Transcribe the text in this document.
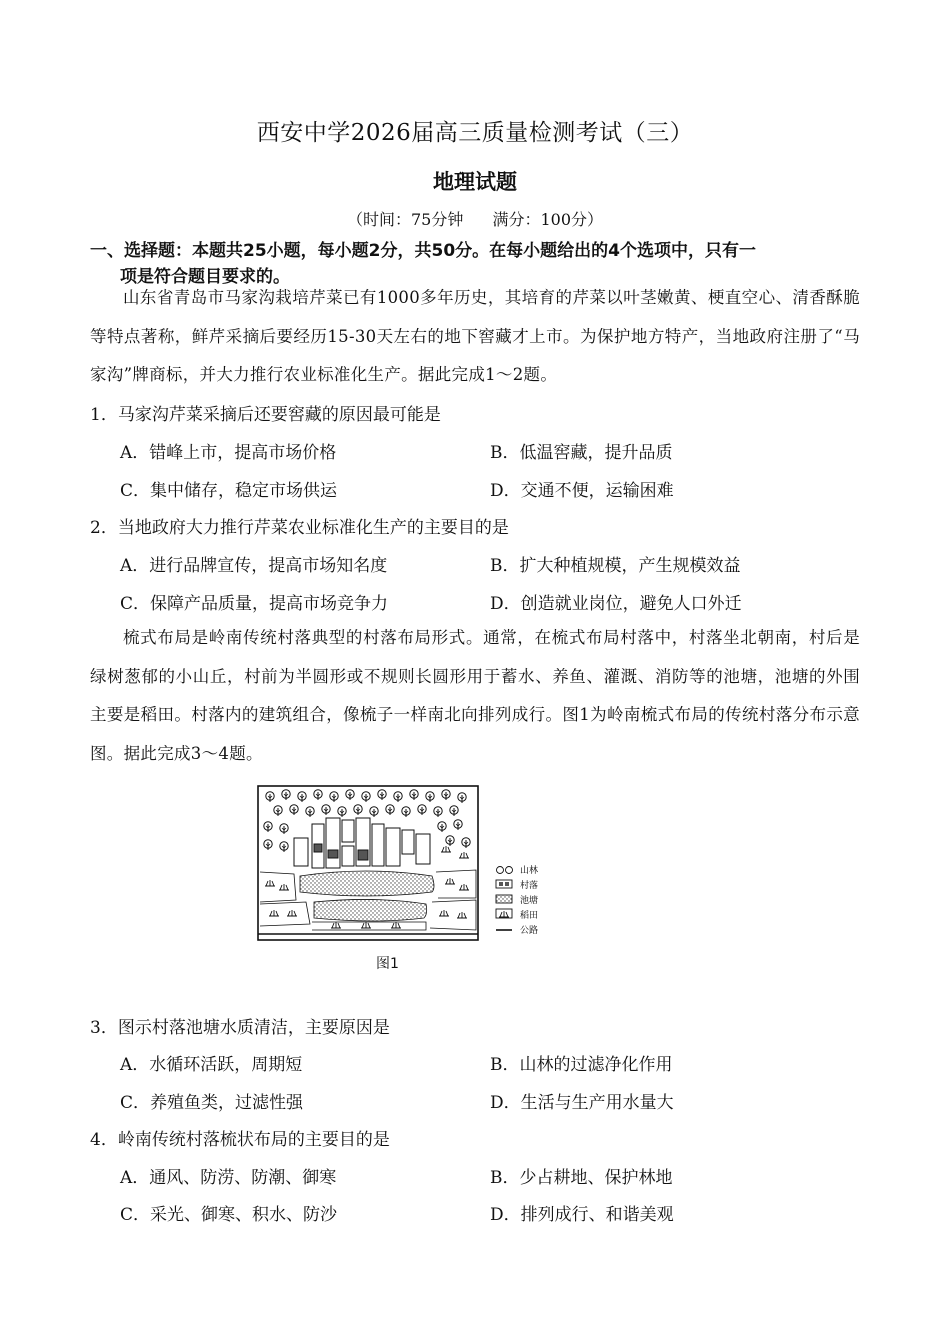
西安中学2026届高三质量检测考试（三）
地理试题
（时间：75分钟 满分：100分）
一、选择题：本题共25小题，每小题2分，共50分。在每小题给出的4个选项中，只有一
项是符合题目要求的。
山东省青岛市马家沟栽培芹菜已有1000多年历史，其培育的芹菜以叶茎嫩黄、梗直空心、清香酥脆等特点著称，鲜芹采摘后要经历15-30天左右的地下窖藏才上市。为保护地方特产，当地政府注册了“马家沟”牌商标，并大力推行农业标准化生产。据此完成1～2题。
1．马家沟芹菜采摘后还要窖藏的原因最可能是
A．错峰上市，提高市场价格	B．低温窖藏，提升品质
C．集中储存，稳定市场供运	D．交通不便，运输困难
2．当地政府大力推行芹菜农业标准化生产的主要目的是
A．进行品牌宣传，提高市场知名度	B．扩大种植规模，产生规模效益
C．保障产品质量，提高市场竞争力	D．创造就业岗位，避免人口外迁
梳式布局是岭南传统村落典型的村落布局形式。通常，在梳式布局村落中，村落坐北朝南，村后是绿树葱郁的小山丘，村前为半圆形或不规则长圆形用于蓄水、养鱼、灌溉、消防等的池塘，池塘的外围主要是稻田。村落内的建筑组合，像梳子一样南北向排列成行。图1为岭南梳式布局的传统村落分布示意图。据此完成3～4题。
山林
村落
池塘
稻田
公路
图1
3．图示村落池塘水质清洁，主要原因是
A．水循环活跃，周期短	B．山林的过滤净化作用
C．养殖鱼类，过滤性强	D．生活与生产用水量大
4．岭南传统村落梳状布局的主要目的是
A．通风、防涝、防潮、御寒	B．少占耕地、保护林地
C．采光、御寒、积水、防沙	D．排列成行、和谐美观
